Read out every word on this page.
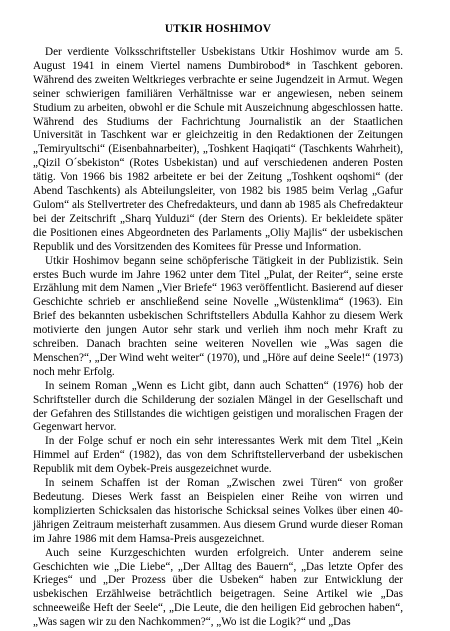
UTKIR HOSHIMOV

Der verdiente Volksschriftsteller Usbekistans Utkir Hoshimov wurde am 5. August 1941 in einem Viertel namens Dumbirobod* in Taschkent geboren. Während des zweiten Weltkrieges verbrachte er seine Jugendzeit in Armut. Wegen seiner schwierigen familiären Verhältnisse war er angewiesen, neben seinem Studium zu arbeiten, obwohl er die Schule mit Auszeichnung abgeschlossen hatte. Während des Studiums der Fachrichtung Journalistik an der Staatlichen Universität in Taschkent war er gleichzeitig in den Redaktionen der Zeitungen „Temiryultschi“ (Eisenbahnarbeiter), „Toshkent Haqiqati“ (Taschkents Wahrheit), „Qizil O´sbekiston“ (Rotes Usbekistan) und auf verschiedenen anderen Posten tätig. Von 1966 bis 1982 arbeitete er bei der Zeitung „Toshkent oqshomi“ (der Abend Taschkents) als Abteilungsleiter, von 1982 bis 1985 beim Verlag „Gafur Gulom“ als Stellvertreter des Chefredakteurs, und dann ab 1985 als Chefredakteur bei der Zeitschrift „Sharq Yulduzi“ (der Stern des Orients). Er bekleidete später die Positionen eines Abgeordneten des Parlaments „Oliy Majlis“ der usbekischen Republik und des Vorsitzenden des Komitees für Presse und Information.

Utkir Hoshimov begann seine schöpferische Tätigkeit in der Publizistik. Sein erstes Buch wurde im Jahre 1962 unter dem Titel „Pulat, der Reiter“, seine erste Erzählung mit dem Namen „Vier Briefe“ 1963 veröffentlicht. Basierend auf dieser Geschichte schrieb er anschließend seine Novelle „Wüstenklima“ (1963). Ein Brief des bekannten usbekischen Schriftstellers Abdulla Kahhor zu diesem Werk motivierte den jungen Autor sehr stark und verlieh ihm noch mehr Kraft zu schreiben. Danach brachten seine weiteren Novellen wie „Was sagen die Menschen?“, „Der Wind weht weiter“ (1970), und „Höre auf deine Seele!“ (1973) noch mehr Erfolg.

In seinem Roman „Wenn es Licht gibt, dann auch Schatten“ (1976) hob der Schriftsteller durch die Schilderung der sozialen Mängel in der Gesellschaft und der Gefahren des Stillstandes die wichtigen geistigen und moralischen Fragen der Gegenwart hervor.

In der Folge schuf er noch ein sehr interessantes Werk mit dem Titel „Kein Himmel auf Erden“ (1982), das von dem Schriftstellerverband der usbekischen Republik mit dem Oybek-Preis ausgezeichnet wurde.

In seinem Schaffen ist der Roman „Zwischen zwei Türen“ von großer Bedeutung. Dieses Werk fasst an Beispielen einer Reihe von wirren und komplizierten Schicksalen das historische Schicksal seines Volkes über einen 40-jährigen Zeitraum meisterhaft zusammen. Aus diesem Grund wurde dieser Roman im Jahre 1986 mit dem Hamsa-Preis ausgezeichnet.

Auch seine Kurzgeschichten wurden erfolgreich. Unter anderem seine Geschichten wie „Die Liebe“, „Der Alltag des Bauern“, „Das letzte Opfer des Krieges“ und „Der Prozess über die Usbeken“ haben zur Entwicklung der usbekischen Erzählweise beträchtlich beigetragen. Seine Artikel wie „Das schneeweiße Heft der Seele“, „Die Leute, die den heiligen Eid gebrochen haben“, „Was sagen wir zu den Nachkommen?“, „Wo ist die Logik?“ und „Das
